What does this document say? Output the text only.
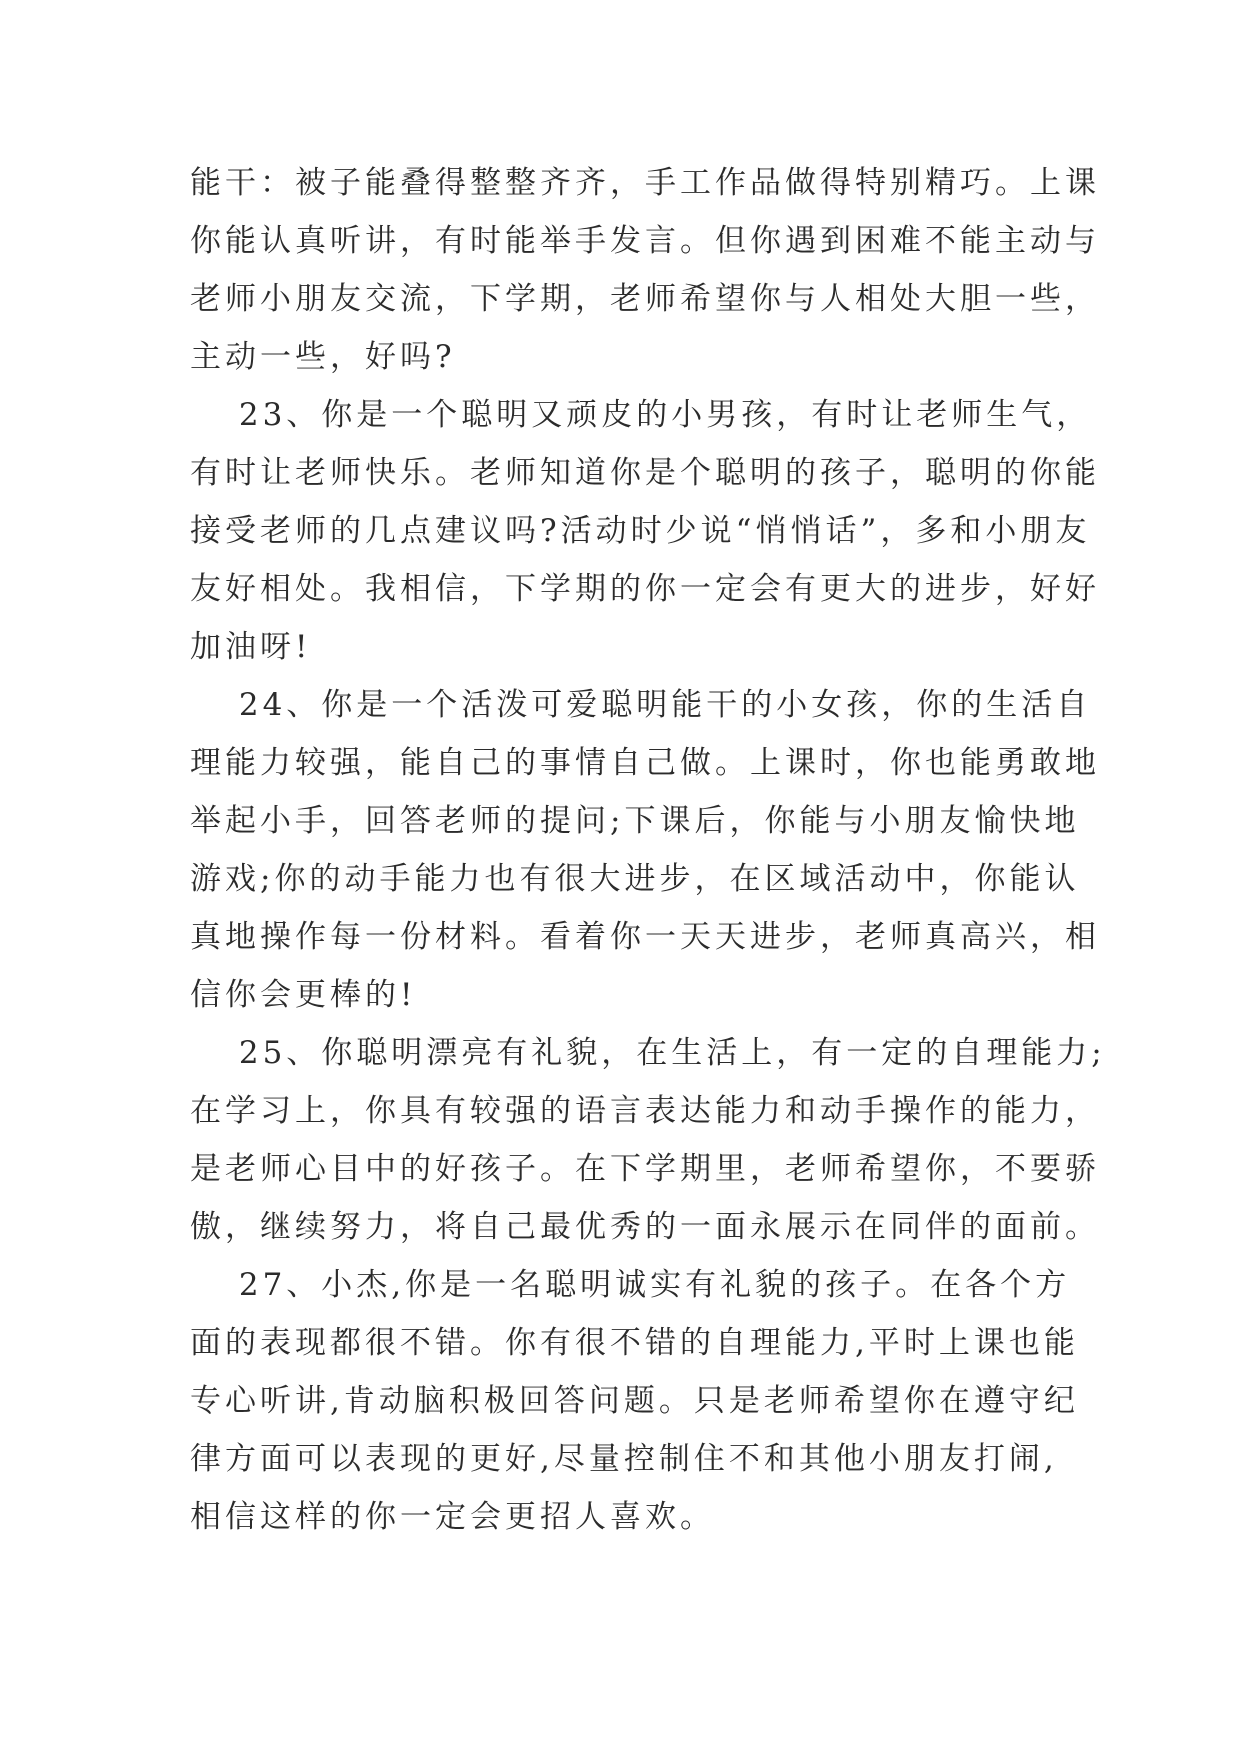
能干：被子能叠得整整齐齐，手工作品做得特别精巧。上课
你能认真听讲，有时能举手发言。但你遇到困难不能主动与
老师小朋友交流，下学期，老师希望你与人相处大胆一些，
主动一些，好吗?
　 23、你是一个聪明又顽皮的小男孩，有时让老师生气，
有时让老师快乐。老师知道你是个聪明的孩子，聪明的你能
接受老师的几点建议吗?活动时少说“悄悄话”，多和小朋友
友好相处。我相信，下学期的你一定会有更大的进步，好好
加油呀!
　 24、你是一个活泼可爱聪明能干的小女孩，你的生活自
理能力较强，能自己的事情自己做。上课时，你也能勇敢地
举起小手，回答老师的提问;下课后，你能与小朋友愉快地
游戏;你的动手能力也有很大进步，在区域活动中，你能认
真地操作每一份材料。看着你一天天进步，老师真高兴，相
信你会更棒的!
　 25、你聪明漂亮有礼貌，在生活上，有一定的自理能力;
在学习上，你具有较强的语言表达能力和动手操作的能力，
是老师心目中的好孩子。在下学期里，老师希望你，不要骄
傲，继续努力，将自己最优秀的一面永展示在同伴的面前。
　 27、小杰,你是一名聪明诚实有礼貌的孩子。在各个方
面的表现都很不错。你有很不错的自理能力,平时上课也能
专心听讲,肯动脑积极回答问题。只是老师希望你在遵守纪
律方面可以表现的更好,尽量控制住不和其他小朋友打闹,
相信这样的你一定会更招人喜欢。
